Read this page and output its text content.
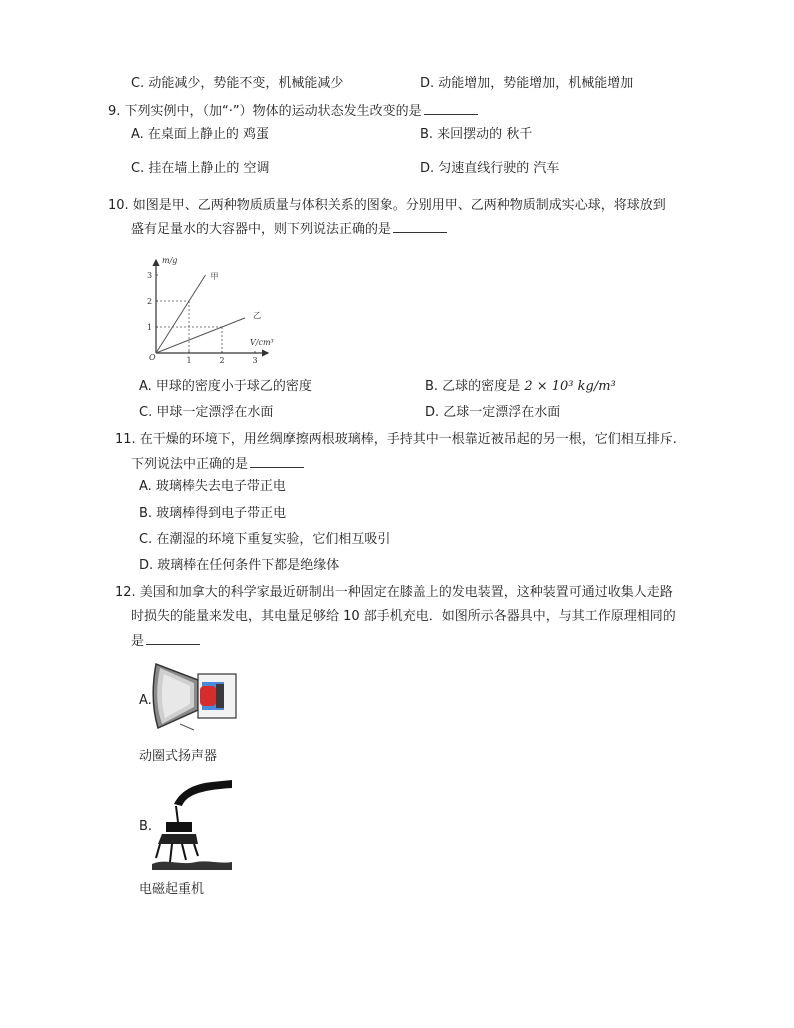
C. 动能减少，势能不变，机械能减少	D. 动能增加，势能增加，机械能增加
9. 下列实例中，（加“·”）物体的运动状态发生改变的是
A. 在桌面上静止的 鸡蛋	B. 来回摆动的 秋千
C. 挂在墙上静止的 空调	D. 匀速直线行驶的 汽车
10. 如图是甲、乙两种物质质量与体积关系的图象。分别用甲、乙两种物质制成实心球，将球放到
盛有足量水的大容器中，则下列说法正确的是
甲
乙
1	2	3
1
2
3
m/g
V/cm³
O
A. 甲球的密度小于球乙的密度	B. 乙球的密度是 2 × 10³ kg/m³
C. 甲球一定漂浮在水面	D. 乙球一定漂浮在水面
11. 在干燥的环境下，用丝绸摩擦两根玻璃棒，手持其中一根靠近被吊起的另一根，它们相互排斥.
下列说法中正确的是
A. 玻璃棒失去电子带正电
B. 玻璃棒得到电子带正电
C. 在潮湿的环境下重复实验，它们相互吸引
D. 玻璃棒在任何条件下都是绝缘体
12. 美国和加拿大的科学家最近研制出一种固定在膝盖上的发电装置，这种装置可通过收集人走路
时损失的能量来发电，其电量足够给 10 部手机充电．如图所示各器具中，与其工作原理相同的
是
A.
动圈式扬声器
B.
电磁起重机
